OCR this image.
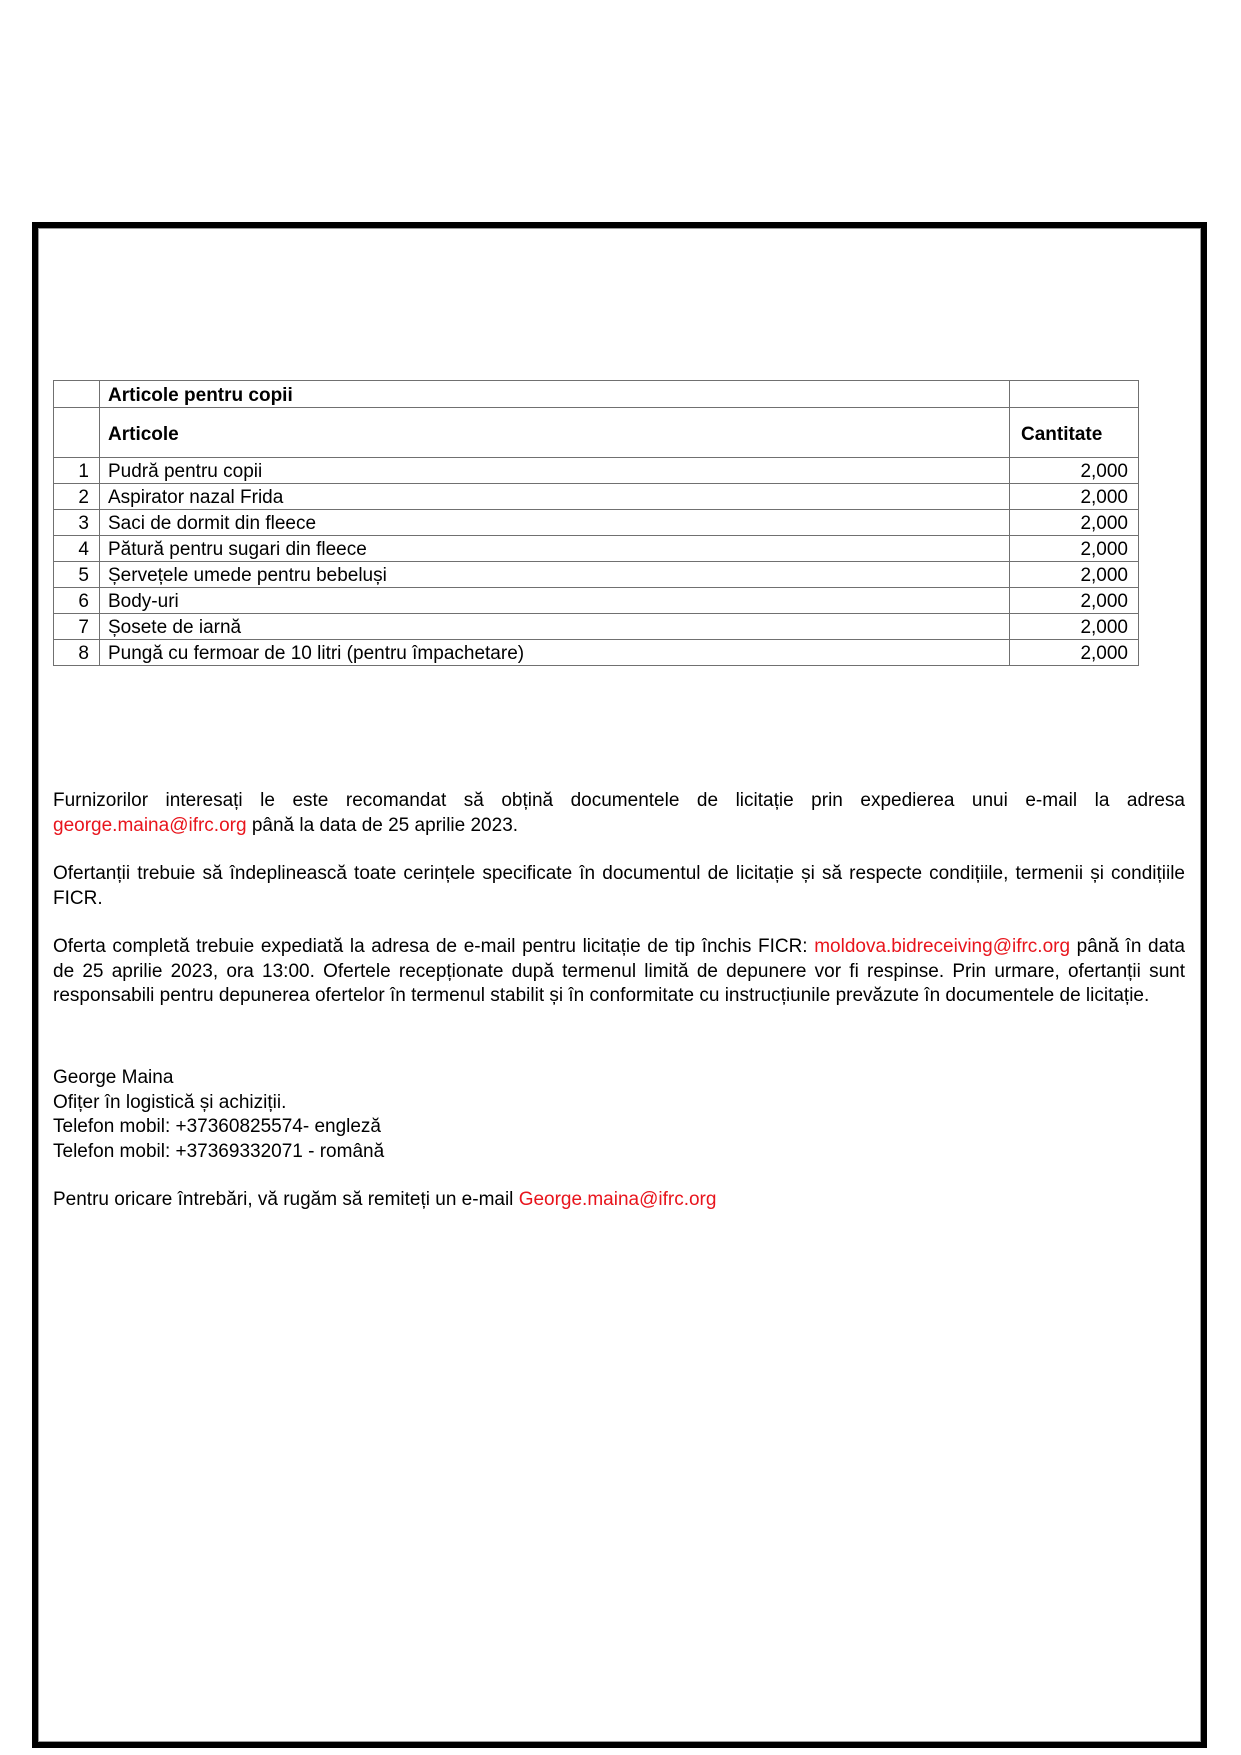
	Articole pentru copii	
	Articole	Cantitate
1	Pudră pentru copii	2,000
2	Aspirator nazal Frida	2,000
3	Saci de dormit din fleece	2,000
4	Pătură pentru sugari din fleece	2,000
5	Șervețele umede pentru bebeluși	2,000
6	Body-uri	2,000
7	Șosete de iarnă	2,000
8	Pungă cu fermoar de 10 litri (pentru împachetare)	2,000

Furnizorilor interesați le este recomandat să obțină documentele de licitație prin expedierea unui e-mail la adresa george.maina@ifrc.org până la data de 25 aprilie 2023.

Ofertanții trebuie să îndeplinească toate cerințele specificate în documentul de licitație și să respecte condițiile, termenii și condițiile FICR.

Oferta completă trebuie expediată la adresa de e-mail pentru licitație de tip închis FICR: moldova.bidreceiving@ifrc.org până în data de 25 aprilie 2023, ora 13:00. Ofertele recepționate după termenul limită de depunere vor fi respinse. Prin urmare, ofertanții sunt responsabili pentru depunerea ofertelor în termenul stabilit și în conformitate cu instrucțiunile prevăzute în documentele de licitație.

George Maina
Ofițer în logistică și achiziții.
Telefon mobil: +37360825574- engleză
Telefon mobil: +37369332071 - română

Pentru oricare întrebări, vă rugăm să remiteți un e-mail George.maina@ifrc.org
